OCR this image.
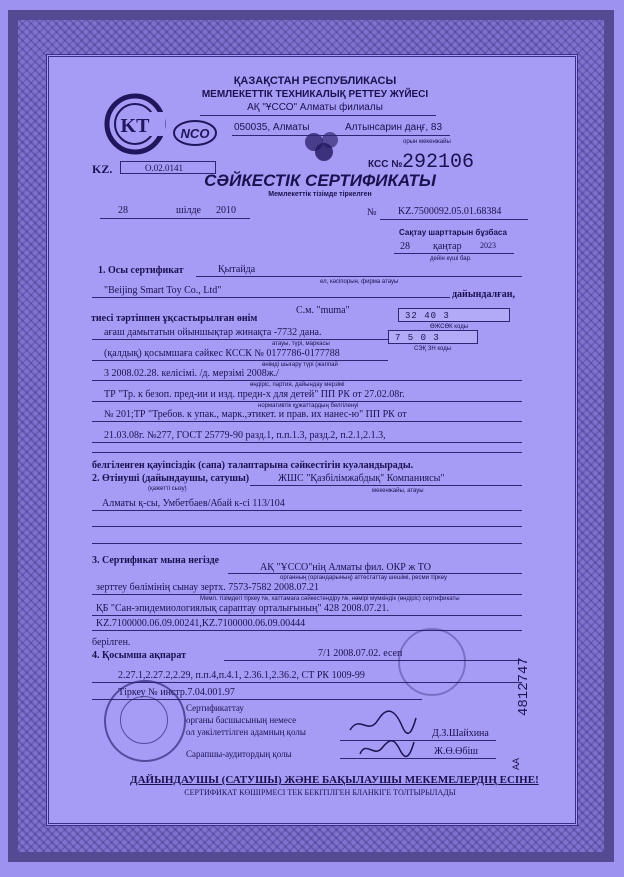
KT NCO
ҚАЗАҚСТАН РЕСПУБЛИКАСЫ
МЕМЛЕКЕТТІК ТЕХНИКАЛЫҚ РЕТТЕУ ЖҮЙЕСІ
АҚ "ҰССО" Алматы филиалы
050035, Алматы	Алтынсарин даңғ, 83
орын мекенжайы
KZ.	О.02.0141	КСС № 292106
СӘЙКЕСТІК СЕРТИФИКАТЫ
Мемлекеттік тізімде тіркелген
28	шілде 2010	№ KZ.7500092.05.01.68384
Сақтау шарттарын бұзбаса
28 қаңтар 2023
дейін күші бар.
1. Осы сертификат	Қытайда
ел, кәсіпорын, фирма атауы
"Beijing Smart Toy Co., Ltd"	дайындалған,
тиесі тәртіппен ұқсастырылған өнім
С.м. "muma"	32 40 3
ӨЖСӨК коды
ағаш дамытатын ойыншықтар жинақта -7732 дана.
атауы, түрі, маркасы
7 5 0 3
СЭҚ ЗН коды
(қалдық) қосымшаға сәйкес КССК № 0177786-0177788
өнімді шығару түрі (жаппай
3 2008.02.28. келісімі. /д. мерзімі 2008ж./
өндіріс, партия, дайындау мерзімі
ТР "Тр. к безоп. пред-ии и изд. предн-х для детей" ПП РК от 27.02.08г.
нормативтік құжаттардың белгіленуі
№ 201;ТР "Требов. к упак., марк.,этикет. и прав. их нанес-ю" ПП РК от
21.03.08г. №277, ГОСТ 25779-90 разд.1, п.п.1.3, разд.2, п.2.1,2.1.3,
белгіленген қауіпсіздік (сапа) талаптарына сәйкестігін куәландырады.
2. Өтінуші (дайындаушы, сатушы)
(қажетті сызу)
ЖШС "Қазбілімжабдық" Компаниясы"
мекенжайы, атауы
Алматы қ-сы, Умбетбаев/Абай к-сі 113/104
3. Сертификат мына негізде
АҚ "ҰССО"нің Алматы фил. ОКР ж ТО
органның (органдарының) аттестаттау шешімі, ресми тіркеу
зерттеу бөлімінің сынау зертх. 7573-7582 2008.07.21
Мемл. тізімдегі тіркеу №, хаттамаға сәйкестендіру №, нөмірі мүмкіндік (өндіріс) сертификаты
ҚБ "Сан-эпидемиологиялық сараптау орталығының" 428 2008.07.21.
KZ.7100000.06.09.00241,KZ.7100000.06.09.00444
берілген.
4. Қосымша ақпарат	7/1 2008.07.02. есеп
2.27.1,2.27.2,2.29, п.п.4,п.4.1, 2.36.1,2.36.2, СТ РК 1009-99
Тіркеу № инстр.7.04.001.97
Сертификаттау
органы басшысының немесе
ол уәкілеттілген адамның қолы	Д.З.Шайхина
Сарапшы-аудитордың қолы	Ж.Ө.Өбіш
ДАЙЫНДАУШЫ (САТУШЫ) ЖӘНЕ БАҚЫЛАУШЫ МЕКЕМЕЛЕРДІҢ ЕСІНЕ!
СЕРТИФИКАТ КӨШІРМЕСІ ТЕК БЕКІТІЛГЕН БЛАНКІГЕ ТОЛТЫРЫЛАДЫ
4812747
AA
